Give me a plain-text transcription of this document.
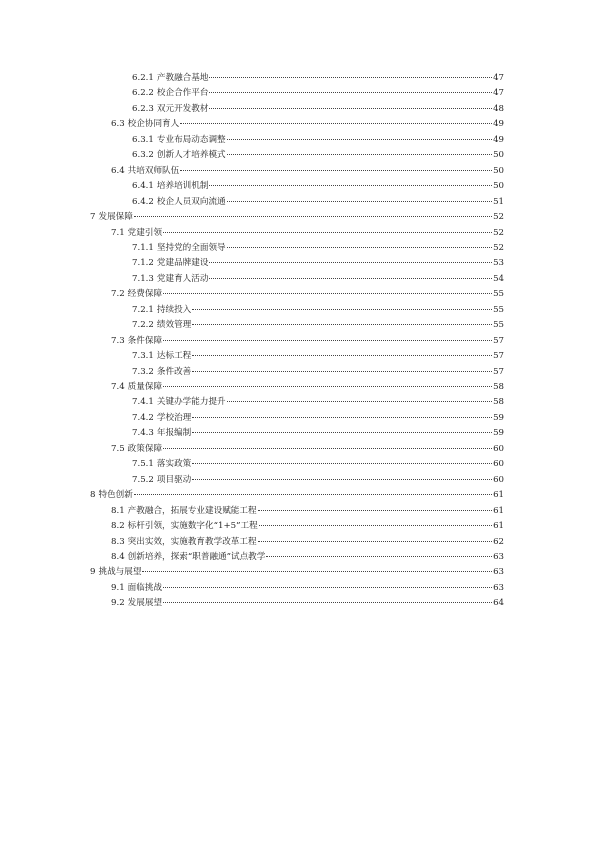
6.2.1 产教融合基地	47
6.2.2 校企合作平台	47
6.2.3 双元开发教材	48
6.3 校企协同育人	49
6.3.1 专业布局动态调整	49
6.3.2 创新人才培养模式	50
6.4 共培双师队伍	50
6.4.1 培养培训机制	50
6.4.2 校企人员双向流通	51
7 发展保障	52
7.1 党建引领	52
7.1.1 坚持党的全面领导	52
7.1.2 党建品牌建设	53
7.1.3 党建育人活动	54
7.2 经费保障	55
7.2.1 持续投入	55
7.2.2 绩效管理	55
7.3 条件保障	57
7.3.1 达标工程	57
7.3.2 条件改善	57
7.4 质量保障	58
7.4.1 关键办学能力提升	58
7.4.2 学校治理	59
7.4.3 年报编制	59
7.5 政策保障	60
7.5.1 落实政策	60
7.5.2 项目驱动	60
8 特色创新	61
8.1 产教融合，拓展专业建设赋能工程	61
8.2 标杆引领，实施数字化“1+5”工程	61
8.3 突出实效，实施教育教学改革工程	62
8.4 创新培养，探索“职普融通”试点教学	63
9 挑战与展望	63
9.1 面临挑战	63
9.2 发展展望	64
